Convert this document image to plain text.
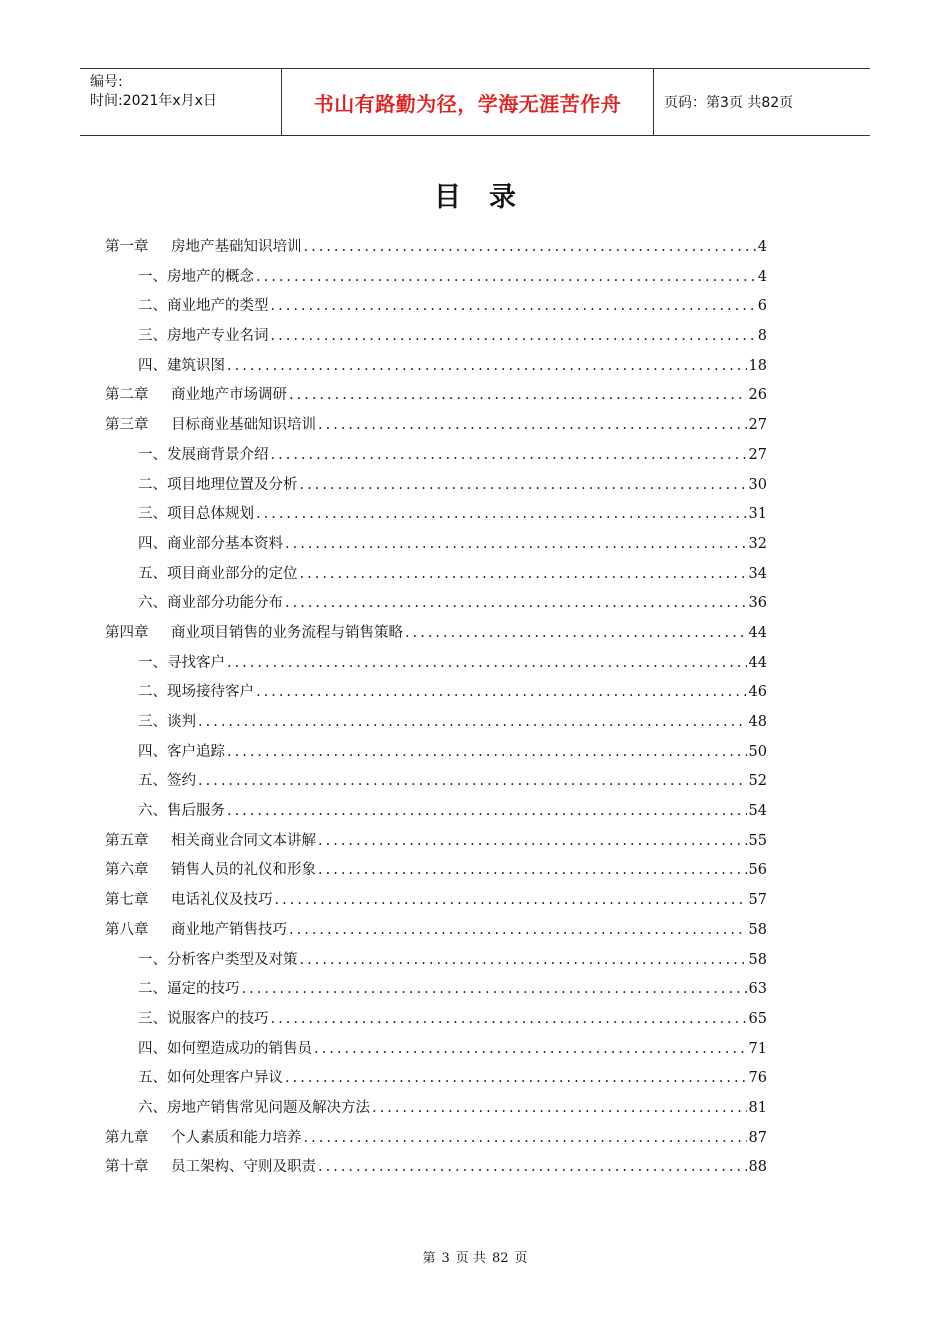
编号:
时间:2021年x月x日	书山有路勤为径，学海无涯苦作舟	页码：第3页 共82页
目录
第一章	房地产基础知识培训 .....	4
一、 房地产的概念 .....	4
二、 商业地产的类型 .....	6
三、 房地产专业名词 .....	8
四、 建筑识图 .....	18
第二章	商业地产市场调研 .....	26
第三章	目标商业基础知识培训 .....	27
一、 发展商背景介绍 .....	27
二、 项目地理位置及分析 .....	30
三、 项目总体规划 .....	31
四、 商业部分基本资料 .....	32
五、 项目商业部分的定位 .....	34
六、 商业部分功能分布 .....	36
第四章	商业项目销售的业务流程与销售策略 .....	44
一、 寻找客户 .....	44
二、 现场接待客户 .....	46
三、 谈判 .....	48
四、 客户追踪 .....	50
五、 签约 .....	52
六、 售后服务 .....	54
第五章	相关商业合同文本讲解 .....	55
第六章	销售人员的礼仪和形象 .....	56
第七章	电话礼仪及技巧 .....	57
第八章	商业地产销售技巧 .....	58
一、 分析客户类型及对策 .....	58
二、 逼定的技巧 .....	63
三、 说服客户的技巧 .....	65
四、 如何塑造成功的销售员 .....	71
五、 如何处理客户异议 .....	76
六、 房地产销售常见问题及解决方法 .....	81
第九章	个人素质和能力培养 .....	87
第十章	员工架构、守则及职责 .....	88
第 3 页 共 82 页
